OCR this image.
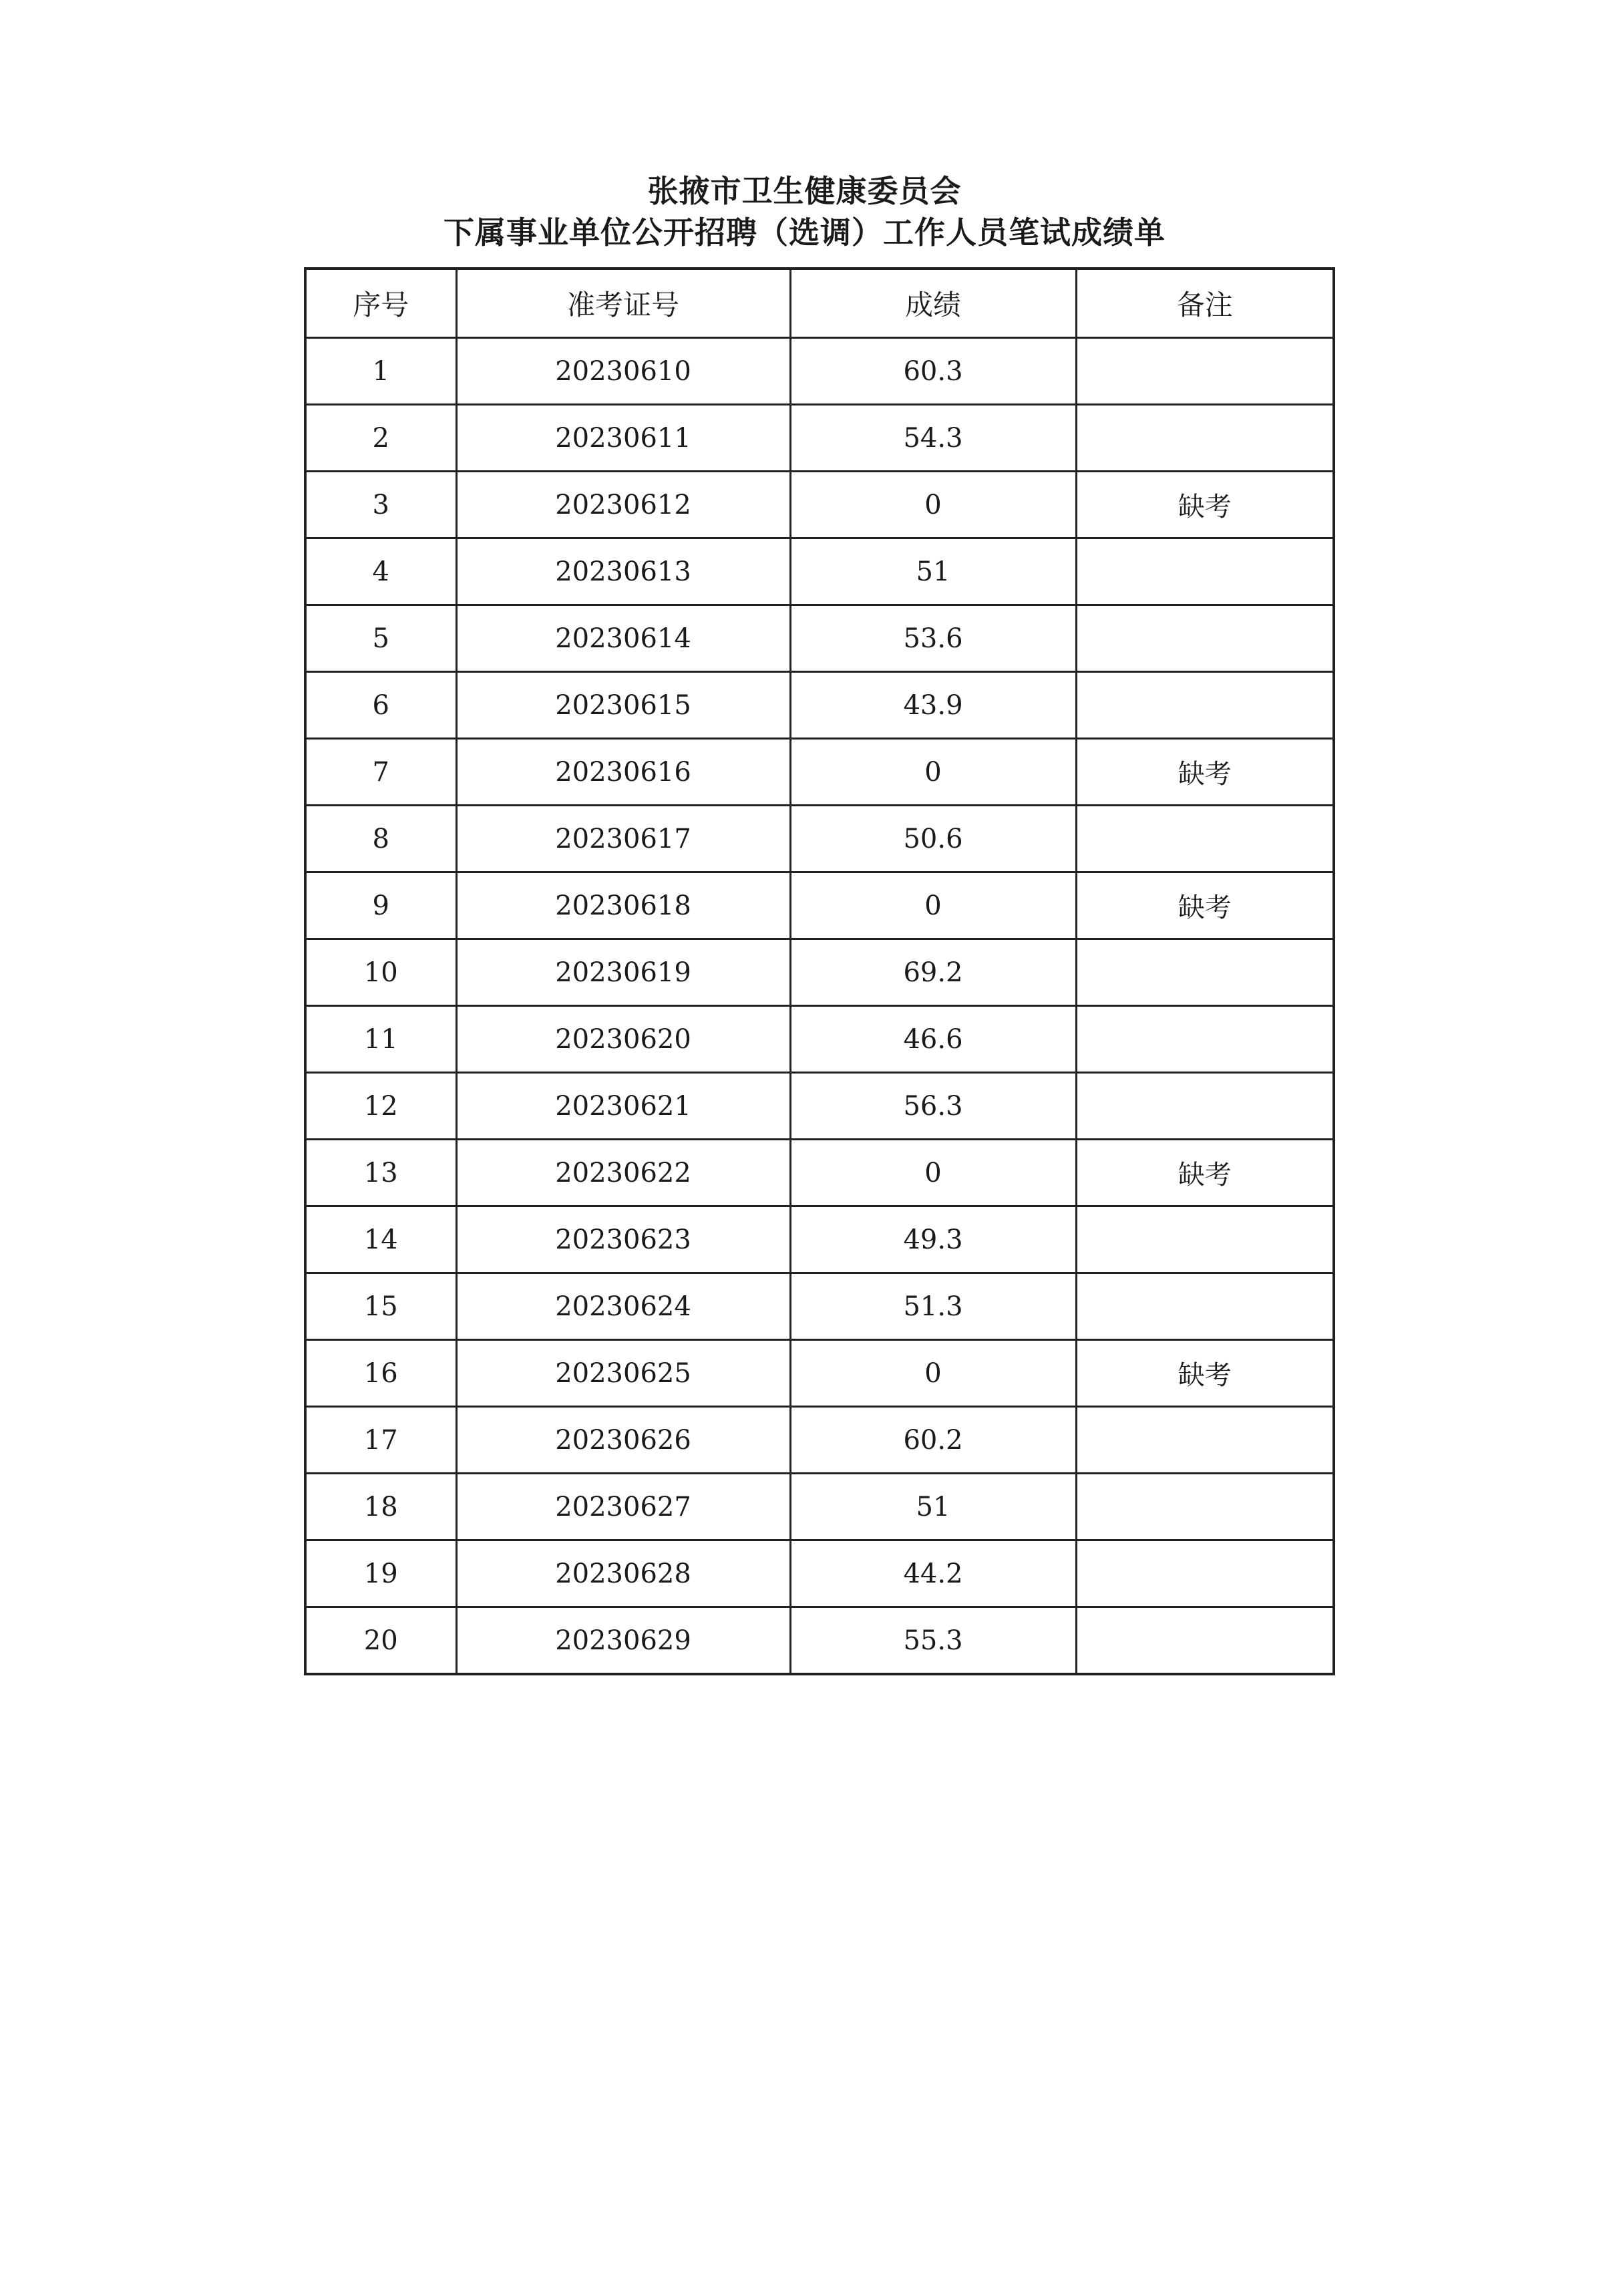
张掖市卫生健康委员会
下属事业单位公开招聘（选调）工作人员笔试成绩单
序号	准考证号	成绩	备注
1	20230610	60.3	
2	20230611	54.3	
3	20230612	0	缺考
4	20230613	51	
5	20230614	53.6	
6	20230615	43.9	
7	20230616	0	缺考
8	20230617	50.6	
9	20230618	0	缺考
10	20230619	69.2	
11	20230620	46.6	
12	20230621	56.3	
13	20230622	0	缺考
14	20230623	49.3	
15	20230624	51.3	
16	20230625	0	缺考
17	20230626	60.2	
18	20230627	51	
19	20230628	44.2	
20	20230629	55.3	
